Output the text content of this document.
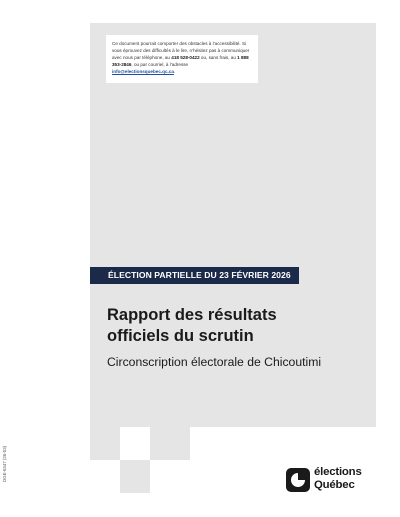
Ce document pourrait comporter des obstacles à l’accessibilité. Si vous éprouvez des difficultés à le lire, n’hésitez pas à communiquer avec nous par téléphone, au 418 528-0422 ou, sans frais, au 1 888 353-2846, ou par courriel, à l’adresse info@electionsquebec.qc.ca.

ÉLECTION PARTIELLE DU 23 FÉVRIER 2026
Rapport des résultats officiels du scrutin
Circonscription électorale de Chicoutimi
DGE-6347 (26-03)	élections
Québec
